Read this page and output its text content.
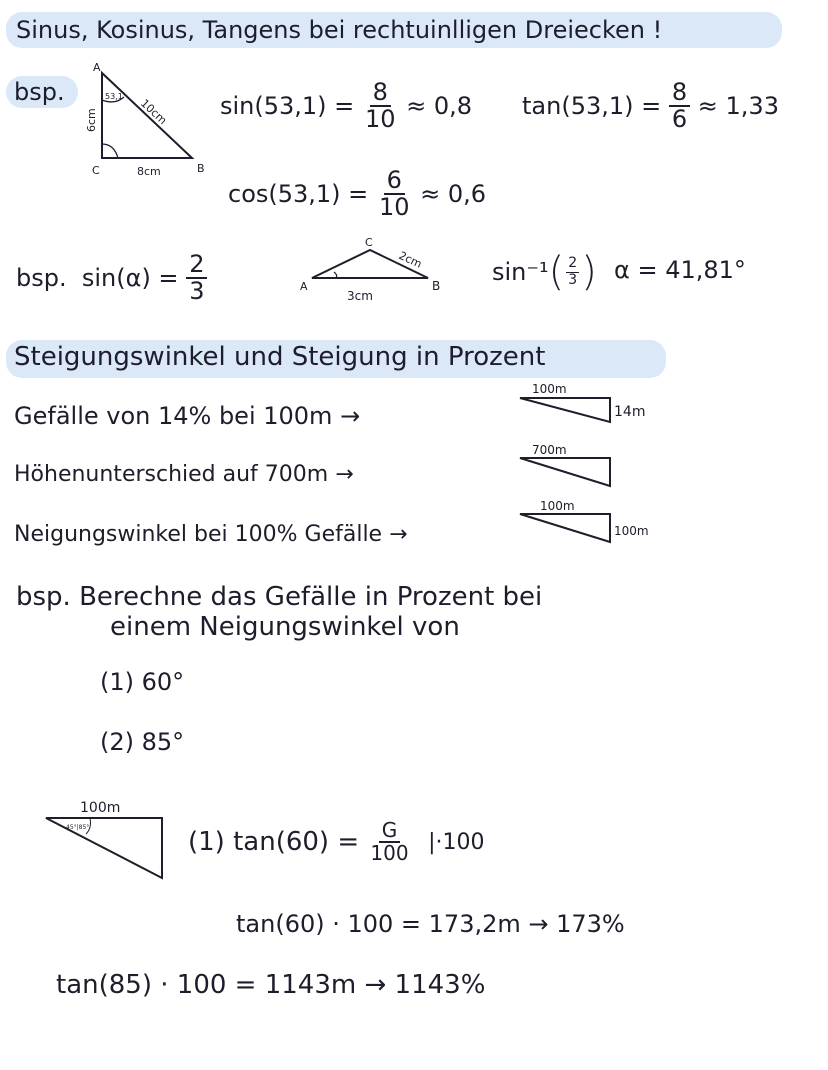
Sinus, Kosinus, Tangens bei rechtuinlligen Dreiecken !
bsp.
A
B
C
53,1
10cm
6cm
8cm
sin(53,1) =
$\frac{8}{10}$
≈ 0,8 tan(53,1) =
$\frac{8}{6}$
≈ 1,33
cos(53,1) =
$\frac{6}{10}$
≈ 0,6
bsp.
sin(α) =
$\frac{2}{3}$	A	B
C
2cm
3cm
sin⁻¹ ( $\frac{2}{3}$ ) α = 41,81°
Steigungswinkel und Steigung in Prozent
Gefälle von 14% bei 100m →
Höhenunterschied auf 700m →
Neigungswinkel bei 100% Gefälle →
100m
14m
700m
100m
100m
bsp. Berechne das Gefälle in Prozent bei
einem Neigungswinkel von
(1) 60°
(2) 85°
100m
45°|85°	(1) tan(60) =
$\frac{G}{100}$
|·100
tan(60) · 100 = 173,2m → 173%
tan(85) · 100 = 1143m → 1143%
